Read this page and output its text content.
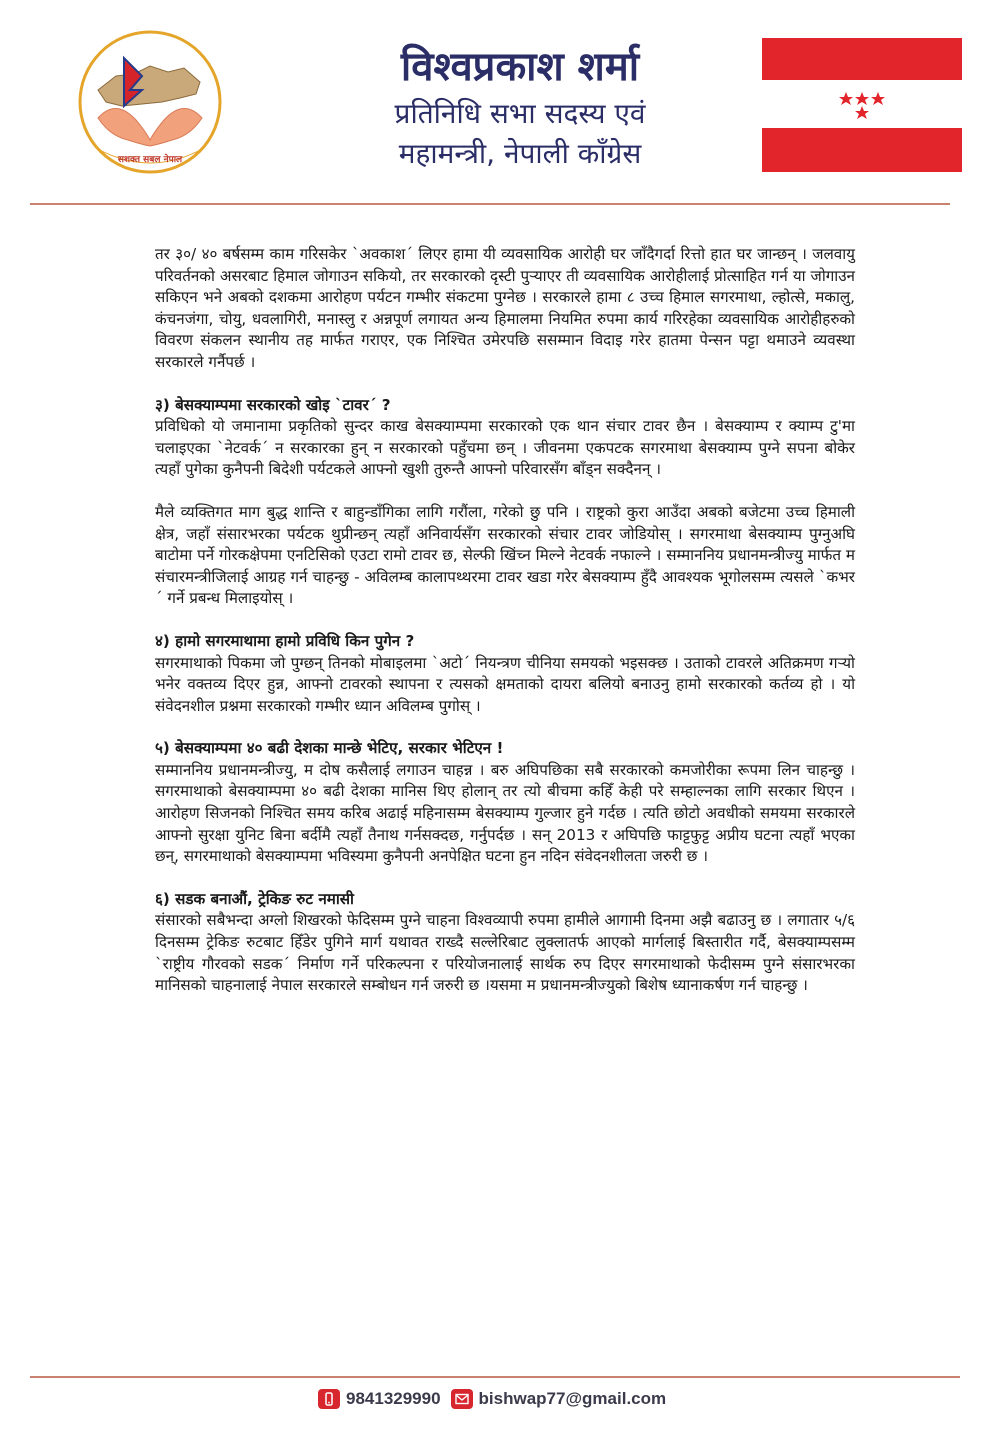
सशक्त सबल नेपाल
विश्वप्रकाश शर्मा
प्रतिनिधि सभा सदस्य एवं
महामन्त्री, नेपाली काँग्रेस

तर ३०/ ४० बर्षसम्म काम गरिसकेर `अवकाश´ लिएर हामा यी व्यवसायिक आरोही घर जाँदैगर्दा रित्तो हात घर जान्छन् । जलवायु परिवर्तनको असरबाट हिमाल जोगाउन सकियो, तर सरकारको दृस्टी पुऱ्याएर ती व्यवसायिक आरोहीलाई प्रोत्साहित गर्न या जोगाउन सकिएन भने अबको दशकमा आरोहण पर्यटन गम्भीर संकटमा पुग्नेछ । सरकारले हामा ८ उच्च हिमाल सगरमाथा, ल्होत्से, मकालु, कंचनजंगा, चोयु, धवलागिरी, मनास्लु र अन्नपूर्ण लगायत अन्य हिमालमा नियमित रुपमा कार्य गरिरहेका व्यवसायिक आरोहीहरुको विवरण संकलन स्थानीय तह मार्फत गराएर, एक निश्चित उमेरपछि ससम्मान विदाइ गरेर हातमा पेन्सन पट्टा थमाउने व्यवस्था सरकारले गर्नैपर्छ ।

३) बेसक्याम्पमा सरकारको खोइ `टावर´ ?

प्रविधिको यो जमानामा प्रकृतिको सुन्दर काख बेसक्याम्पमा सरकारको एक थान संचार टावर छैन । बेसक्याम्प र क्याम्प टु'मा चलाइएका `नेटवर्क´ न सरकारका हुन् न सरकारको पहुँचमा छन् । जीवनमा एकपटक सगरमाथा बेसक्याम्प पुग्ने सपना बोकेर त्यहाँ पुगेका कुनैपनी बिदेशी पर्यटकले आफ्नो खुशी तुरुन्तै आफ्नो परिवारसँग बाँड्न सक्दैनन् ।

मैले व्यक्तिगत माग बुद्ध शान्ति र बाहुन्डाँगिका लागि गरौंला, गरेको छु पनि । राष्ट्रको कुरा आउँदा अबको बजेटमा उच्च हिमाली क्षेत्र, जहाँ संसारभरका पर्यटक थुप्रीन्छन् त्यहाँ अनिवार्यसँग सरकारको संचार टावर जोडियोस् । सगरमाथा बेसक्याम्प पुग्नुअघि बाटोमा पर्ने गोरकक्षेपमा एनटिसिको एउटा रामो टावर छ, सेल्फी खिंच्न मिल्ने नेटवर्क नफाल्ने । सम्माननिय प्रधानमन्त्रीज्यु मार्फत म संचारमन्त्रीजिलाई आग्रह गर्न चाहन्छु - अविलम्ब कालापथ्थरमा टावर खडा गरेर बेसक्याम्प हुँदै आवश्यक भूगोलसम्म त्यसले `कभर´ गर्ने प्रबन्ध मिलाइयोस् ।

४) हामो सगरमाथामा हामो प्रविधि किन पुगेन ?

सगरमाथाको पिकमा जो पुग्छन् तिनको मोबाइलमा `अटो´ नियन्त्रण चीनिया समयको भइसक्छ । उताको टावरले अतिक्रमण गऱ्यो भनेर वक्तव्य दिएर हुन्न, आफ्नो टावरको स्थापना र त्यसको क्षमताको दायरा बलियो बनाउनु हामो सरकारको कर्तव्य हो । यो संवेदनशील प्रश्नमा सरकारको गम्भीर ध्यान अविलम्ब पुगोस् ।

५) बेसक्याम्पमा ४० बढी देशका मान्छे भेटिए, सरकार भेटिएन !

सम्माननिय प्रधानमन्त्रीज्यु, म दोष कसैलाई लगाउन चाहन्न । बरु अघिपछिका सबै सरकारको कमजोरीका रूपमा लिन चाहन्छु । सगरमाथाको बेसक्याम्पमा ४० बढी देशका मानिस थिए होलान् तर त्यो बीचमा कहिँ केही परे सम्हाल्नका लागि सरकार थिएन । आरोहण सिजनको निश्चित समय करिब अढाई महिनासम्म बेसक्याम्प गुल्जार हुने गर्दछ । त्यति छोटो अवधीको समयमा सरकारले आफ्नो सुरक्षा युनिट बिना बर्दीमै त्यहाँ तैनाथ गर्नसक्दछ, गर्नुपर्दछ । सन् 2013 र अघिपछि फाट्टफुट्ट अप्रीय घटना त्यहाँ भएका छन्, सगरमाथाको बेसक्याम्पमा भविस्यमा कुनैपनी अनपेक्षित घटना हुन नदिन संवेदनशीलता जरुरी छ ।

६) सडक बनाऔं, ट्रेकिङ रुट नमासी

संसारको सबैभन्दा अग्लो शिखरको फेदिसम्म पुग्ने चाहना विश्वव्यापी रुपमा हामीले आगामी दिनमा अझै बढाउनु छ । लगातार ५/६ दिनसम्म ट्रेकिङ रुटबाट हिँडेर पुगिने मार्ग यथावत राख्दै सल्लेरिबाट लुक्लातर्फ आएको मार्गलाई बिस्तारीत गर्दै, बेसक्याम्पसम्म `राष्ट्रीय गौरवको सडक´ निर्माण गर्ने परिकल्पना र परियोजनालाई सार्थक रुप दिएर सगरमाथाको फेदीसम्म पुग्ने संसारभरका मानिसको चाहनालाई नेपाल सरकारले सम्बोधन गर्न जरुरी छ ।यसमा म प्रधानमन्त्रीज्युको बिशेष ध्यानाकर्षण गर्न चाहन्छु ।

9841329990 bishwap77@gmail.com
